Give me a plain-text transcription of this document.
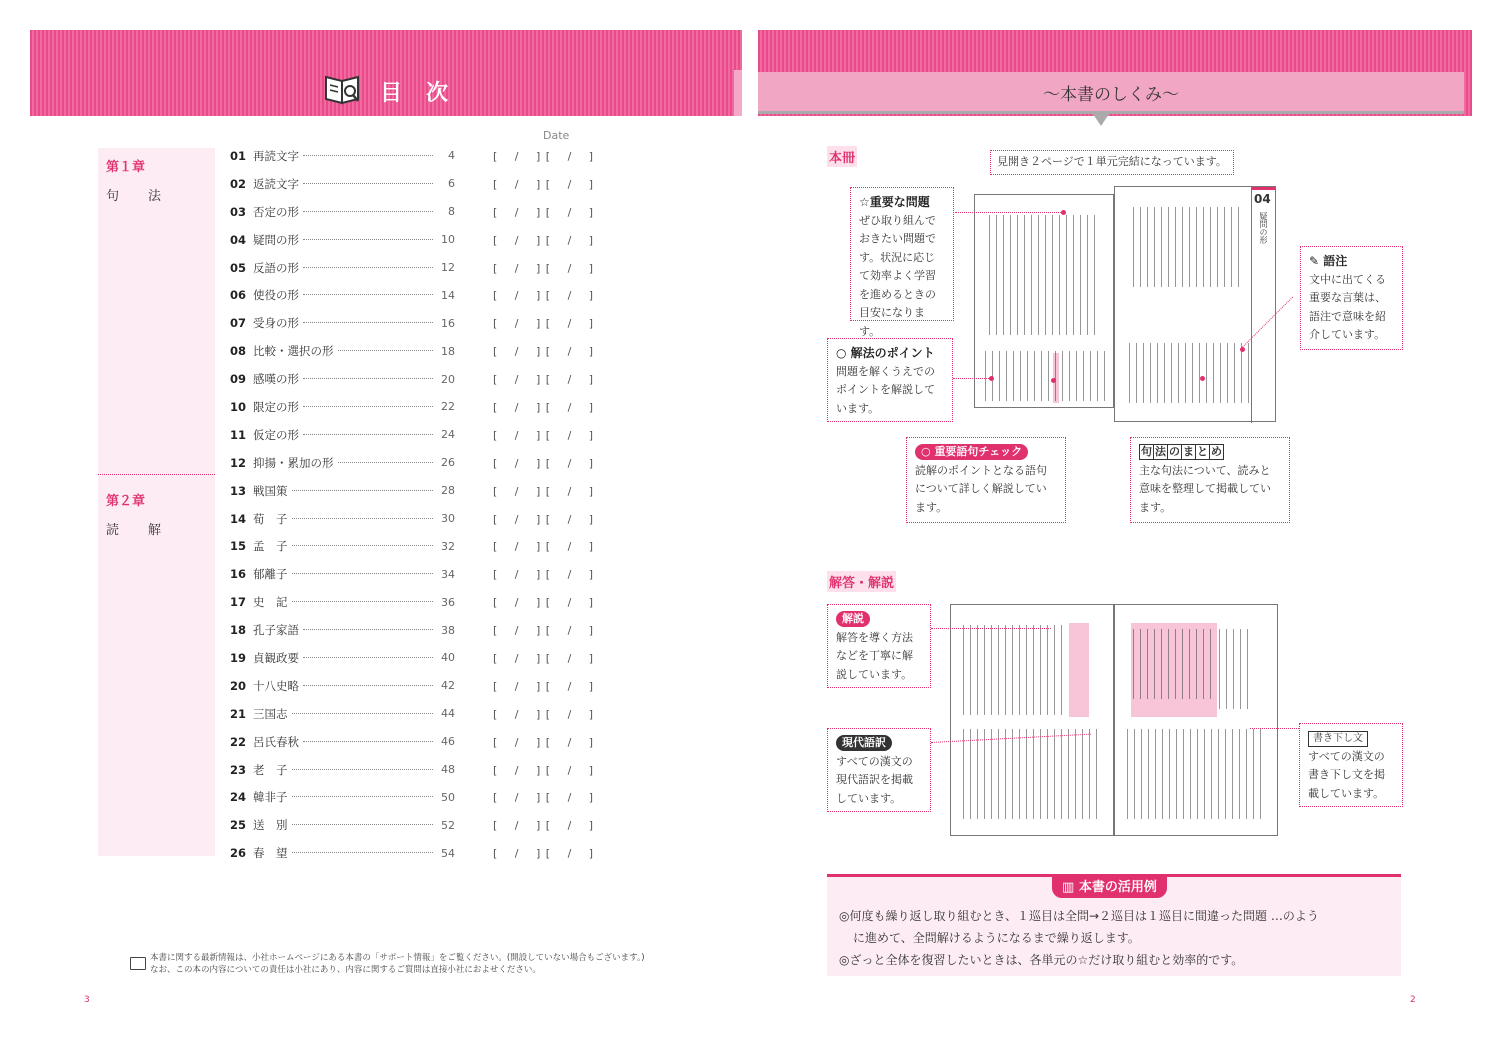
目次
第１章
句　法
第２章
読　解
Date
01 再読文字	4	[　 /　 ] [　 /　 ]
02 返読文字	6	[　 /　 ] [　 /　 ]
03 否定の形	8	[　 /　 ] [　 /　 ]
04 疑問の形	10	[　 /　 ] [　 /　 ]
05 反語の形	12	[　 /　 ] [　 /　 ]
06 使役の形	14	[　 /　 ] [　 /　 ]
07 受身の形	16	[　 /　 ] [　 /　 ]
08 比較・選択の形	18	[　 /　 ] [　 /　 ]
09 感嘆の形	20	[　 /　 ] [　 /　 ]
10 限定の形	22	[　 /　 ] [　 /　 ]
11 仮定の形	24	[　 /　 ] [　 /　 ]
12 抑揚・累加の形	26	[　 /　 ] [　 /　 ]
13 戦国策	28	[　 /　 ] [　 /　 ]
14 荀　子	30	[　 /　 ] [　 /　 ]
15 孟　子	32	[　 /　 ] [　 /　 ]
16 郁離子	34	[　 /　 ] [　 /　 ]
17 史　記	36	[　 /　 ] [　 /　 ]
18 孔子家語	38	[　 /　 ] [　 /　 ]
19 貞観政要	40	[　 /　 ] [　 /　 ]
20 十八史略	42	[　 /　 ] [　 /　 ]
21 三国志	44	[　 /　 ] [　 /　 ]
22 呂氏春秋	46	[　 /　 ] [　 /　 ]
23 老　子	48	[　 /　 ] [　 /　 ]
24 韓非子	50	[　 /　 ] [　 /　 ]
25 送　別	52	[　 /　 ] [　 /　 ]
26 春　望	54	[　 /　 ] [　 /　 ]
本書に関する最新情報は、小社ホームページにある本書の「サポート情報」をご覧ください。(開設していない場合もございます。)
なお、この本の内容についての責任は小社にあり、内容に関するご質問は直接小社におよせください。
3
〜本書のしくみ〜
本冊	見開き２ページで１単元完結になっています。
04
疑問の形
☆重要な問題
ぜひ取り組んでおきたい問題です。状況に応じて効率よく学習を進めるときの目安になります。
○ 解法のポイント
問題を解くうえでのポイントを解説しています。
○ 重要語句チェック
読解のポイントとなる語句について詳しく解説しています。
句 法 の ま と め
主な句法について、読みと意味を整理して掲載しています。
✎ 語注
文中に出てくる重要な言葉は、語注で意味を紹介しています。
解答・解説
解説
解答を導く方法などを丁寧に解説しています。
現代語訳
すべての漢文の現代語訳を掲載しています。
書き下し文
すべての漢文の書き下し文を掲載しています。
▥ 本書の活用例

◎何度も繰り返し取り組むとき、１巡目は全問→２巡目は１巡目に間違った問題 …のよう

に進めて、全問解けるようになるまで繰り返します。

◎ざっと全体を復習したいときは、各単元の☆だけ取り組むと効率的です。

2
